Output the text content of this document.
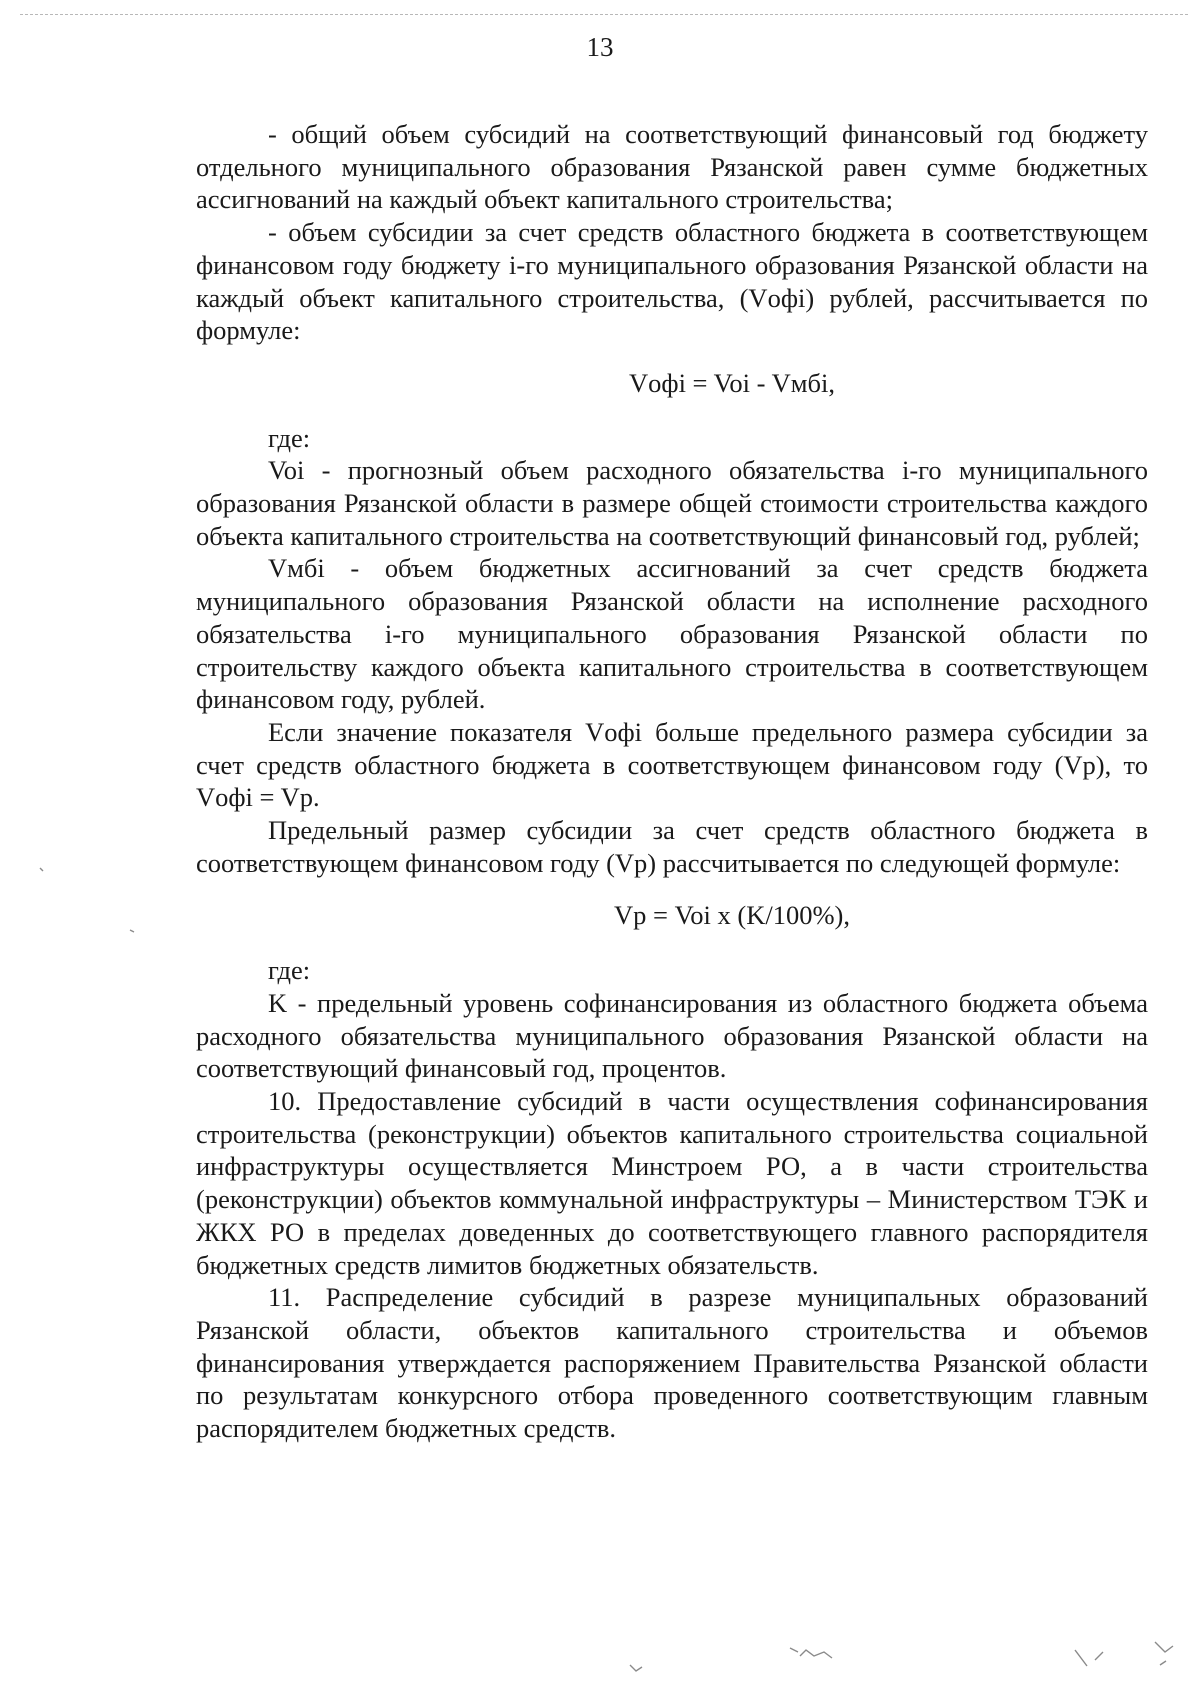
13

- общий объем субсидий на соответствующий финансовый год бюджету отдельного муниципального образования Рязанской равен сумме бюджетных ассигнований на каждый объект капитального строительства;

- объем субсидии за счет средств областного бюджета в соответствующем финансовом году бюджету i-го муниципального образования Рязанской области на каждый объект капитального строительства, (Vофi) рублей, рассчитывается по формуле:

Vофi = Voi - Vмбi,

где:

Voi - прогнозный объем расходного обязательства i-го муниципального образования Рязанской области в размере общей стоимости строительства каждого объекта капитального строительства на соответствующий финансовый год, рублей;

Vмбi - объем бюджетных ассигнований за счет средств бюджета муниципального образования Рязанской области на исполнение расходного обязательства i-го муниципального образования Рязанской области по строительству каждого объекта капитального строительства в соответствующем финансовом году, рублей.

Если значение показателя Vофi больше предельного размера субсидии за счет средств областного бюджета в соответствующем финансовом году (Vр), то Vофi = Vр.

Предельный размер субсидии за счет средств областного бюджета в соответствующем финансовом году (Vр) рассчитывается по следующей формуле:

Vр = Voi x (K/100%),

где:

K - предельный уровень софинансирования из областного бюджета объема расходного обязательства муниципального образования Рязанской области на соответствующий финансовый год, процентов.

10. Предоставление субсидий в части осуществления софинансирования строительства (реконструкции) объектов капитального строительства социальной инфраструктуры осуществляется Минстроем РО, а в части строительства (реконструкции) объектов коммунальной инфраструктуры – Министерством ТЭК и ЖКХ РО в пределах доведенных до соответствующего главного распорядителя бюджетных средств лимитов бюджетных обязательств.

11. Распределение субсидий в разрезе муниципальных образований Рязанской области, объектов капитального строительства и объемов финансирования утверждается распоряжением Правительства Рязанской области по результатам конкурсного отбора проведенного соответствующим главным распорядителем бюджетных средств.
